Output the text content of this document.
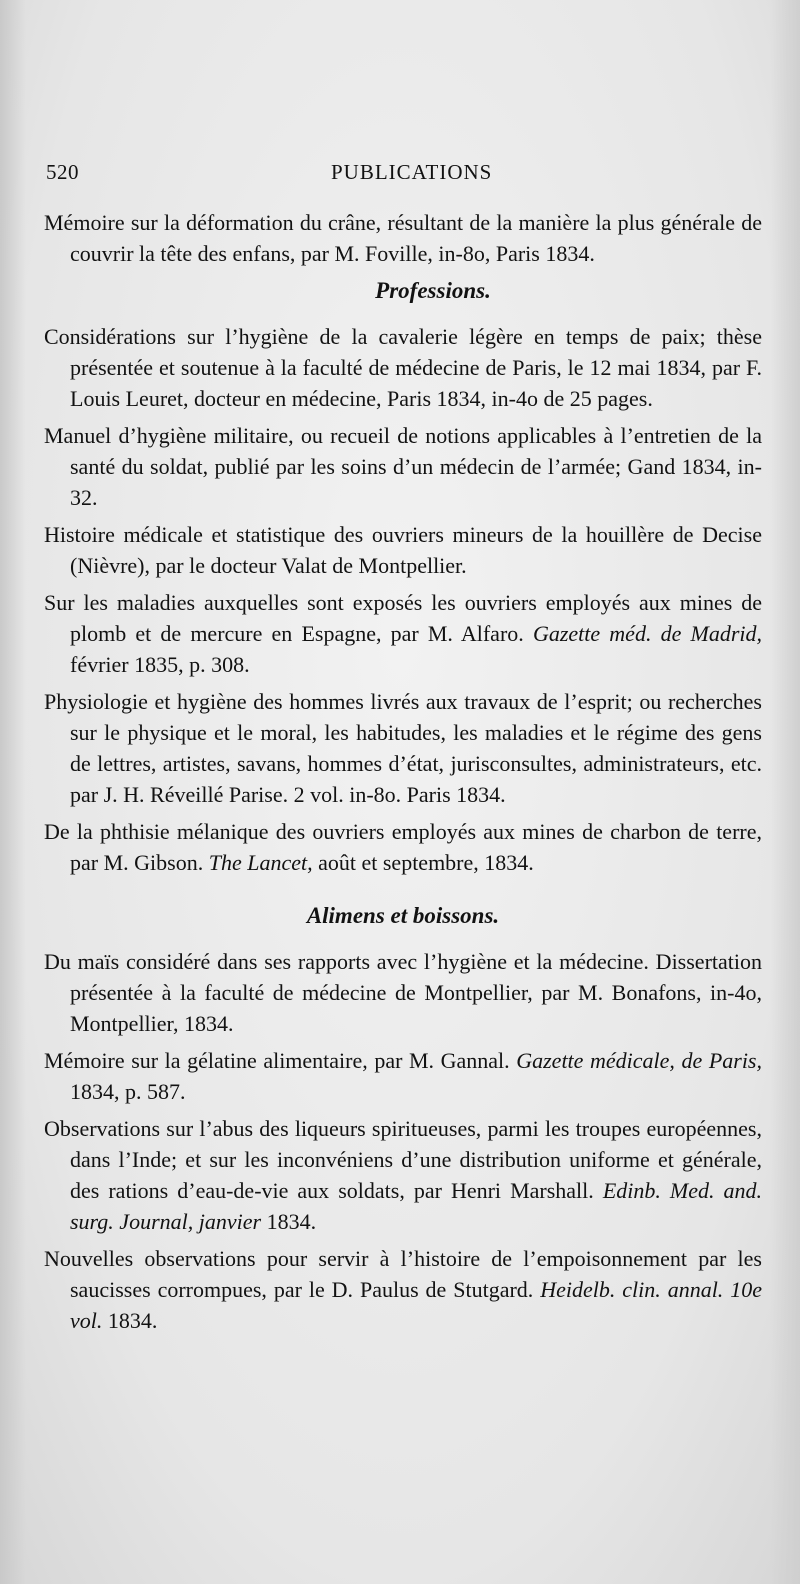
520	PUBLICATIONS

Mémoire sur la déformation du crâne, résultant de la manière la plus générale de couvrir la tête des enfans, par M. Foville, in-8o, Paris 1834.

Professions.

Considérations sur l’hygiène de la cavalerie légère en temps de paix; thèse présentée et soutenue à la faculté de médecine de Paris, le 12 mai 1834, par F. Louis Leuret, docteur en médecine, Paris 1834, in-4o de 25 pages.

Manuel d’hygiène militaire, ou recueil de notions applicables à l’entretien de la santé du soldat, publié par les soins d’un médecin de l’armée; Gand 1834, in-32.

Histoire médicale et statistique des ouvriers mineurs de la houillère de Decise (Nièvre), par le docteur Valat de Montpellier.

Sur les maladies auxquelles sont exposés les ouvriers employés aux mines de plomb et de mercure en Espagne, par M. Alfaro. Gazette méd. de Madrid, février 1835, p. 308.

Physiologie et hygiène des hommes livrés aux travaux de l’esprit; ou recherches sur le physique et le moral, les habitudes, les maladies et le régime des gens de lettres, artistes, savans, hommes d’état, jurisconsultes, administrateurs, etc. par J. H. Réveillé Parise. 2 vol. in-8o. Paris 1834.

De la phthisie mélanique des ouvriers employés aux mines de charbon de terre, par M. Gibson. The Lancet, août et septembre, 1834.

Alimens et boissons.

Du maïs considéré dans ses rapports avec l’hygiène et la médecine. Dissertation présentée à la faculté de médecine de Montpellier, par M. Bonafons, in-4o, Montpellier, 1834.

Mémoire sur la gélatine alimentaire, par M. Gannal. Gazette médicale, de Paris, 1834, p. 587.

Observations sur l’abus des liqueurs spiritueuses, parmi les troupes européennes, dans l’Inde; et sur les inconvéniens d’une distribution uniforme et générale, des rations d’eau-de-vie aux soldats, par Henri Marshall. Edinb. Med. and. surg. Journal, janvier 1834.

Nouvelles observations pour servir à l’histoire de l’empoisonnement par les saucisses corrompues, par le D. Paulus de Stutgard. Heidelb. clin. annal. 10e vol. 1834.
